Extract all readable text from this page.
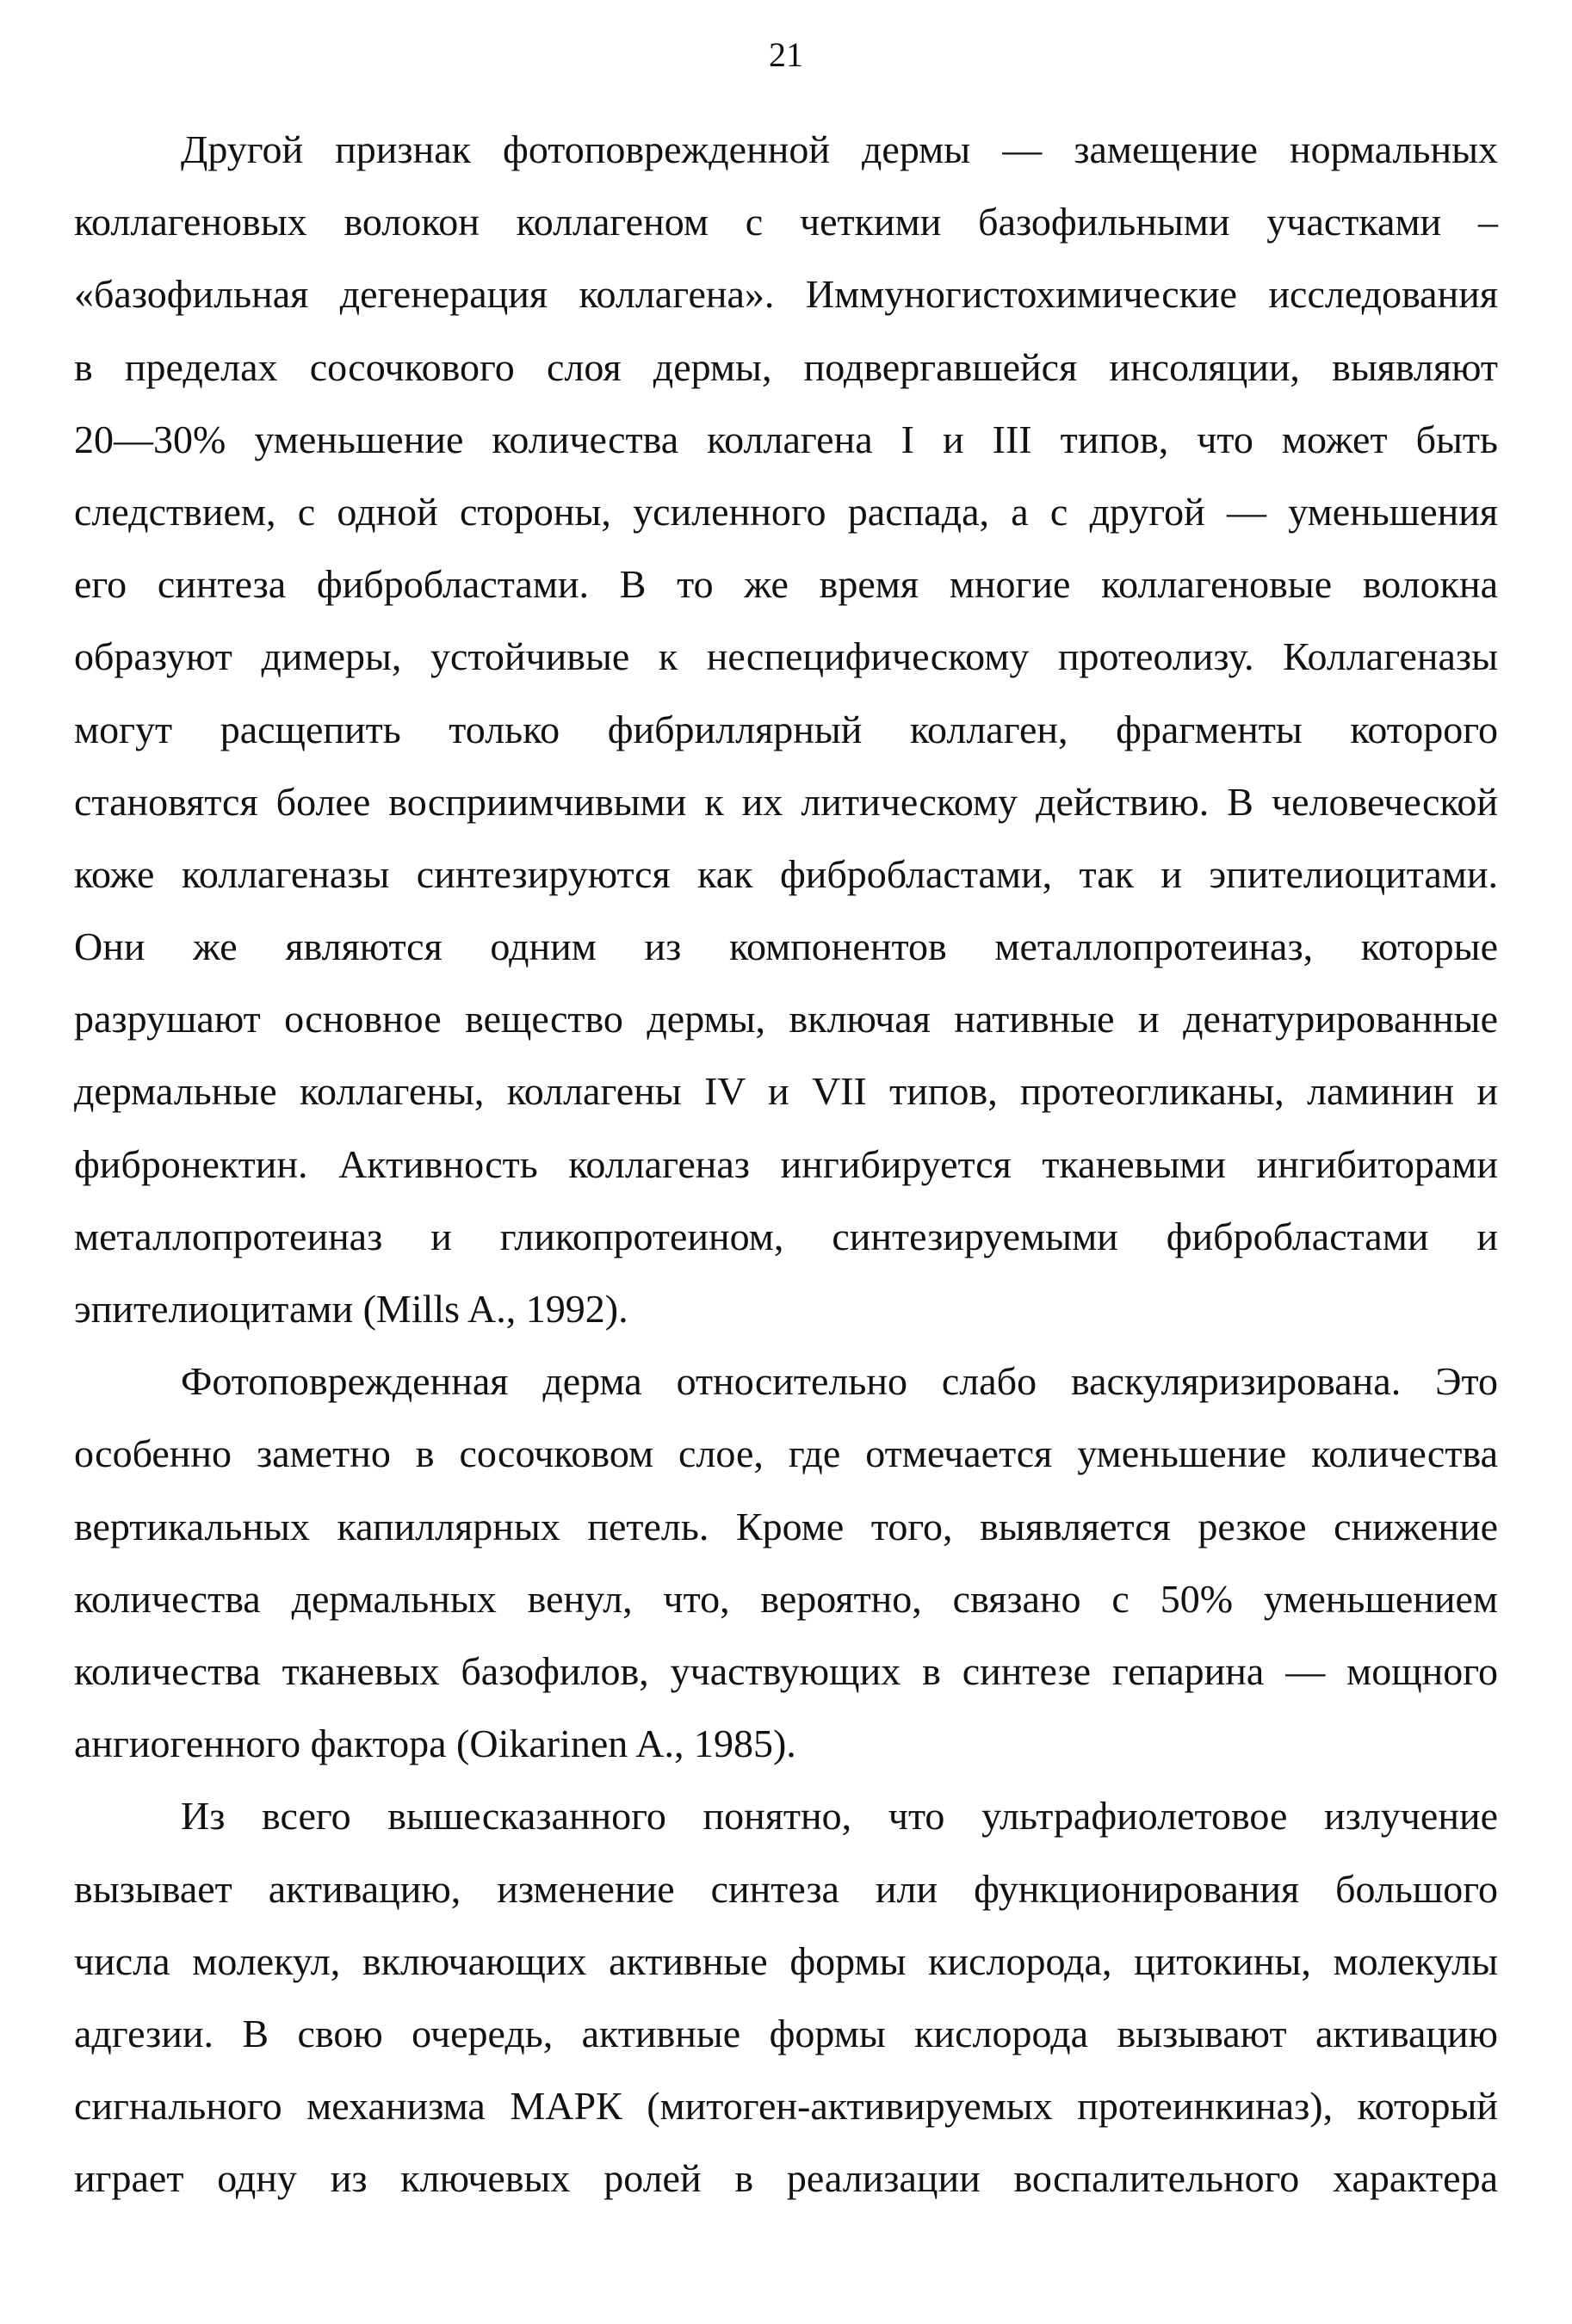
21
Другой признак фотоповрежденной дермы — замещение нормальных
коллагеновых волокон коллагеном с четкими базофильными участками –
«базофильная дегенерация коллагена». Иммуногистохимические исследования
в пределах сосочкового слоя дермы, подвергавшейся инсоляции, выявляют
20—30% уменьшение количества коллагена I и III типов, что может быть
следствием, с одной стороны, усиленного распада, а с другой — уменьшения
его синтеза фибробластами. В то же время многие коллагеновые волокна
образуют димеры, устойчивые к неспецифическому протеолизу. Коллагеназы
могут расщепить только фибриллярный коллаген, фрагменты которого
становятся более восприимчивыми к их литическому действию. В человеческой
коже коллагеназы синтезируются как фибробластами, так и эпителиоцитами.
Они же являются одним из компонентов металлопротеиназ, которые
разрушают основное вещество дермы, включая нативные и денатурированные
дермальные коллагены, коллагены IV и VII типов, протеогликаны, ламинин и
фибронектин. Активность коллагеназ ингибируется тканевыми ингибиторами
металлопротеиназ и гликопротеином, синтезируемыми фибробластами и
эпителиоцитами (Mills A., 1992).
Фотоповрежденная дерма относительно слабо васкуляризирована. Это
особенно заметно в сосочковом слое, где отмечается уменьшение количества
вертикальных капиллярных петель. Кроме того, выявляется резкое снижение
количества дермальных венул, что, вероятно, связано с 50% уменьшением
количества тканевых базофилов, участвующих в синтезе гепарина — мощного
ангиогенного фактора (Oikarinen A., 1985).
Из всего вышесказанного понятно, что ультрафиолетовое излучение
вызывает активацию, изменение синтеза или функционирования большого
числа молекул, включающих активные формы кислорода, цитокины, молекулы
адгезии. В свою очередь, активные формы кислорода вызывают активацию
сигнального механизма МАРК (митоген-активируемых протеинкиназ), который
играет одну из ключевых ролей в реализации воспалительного характера
